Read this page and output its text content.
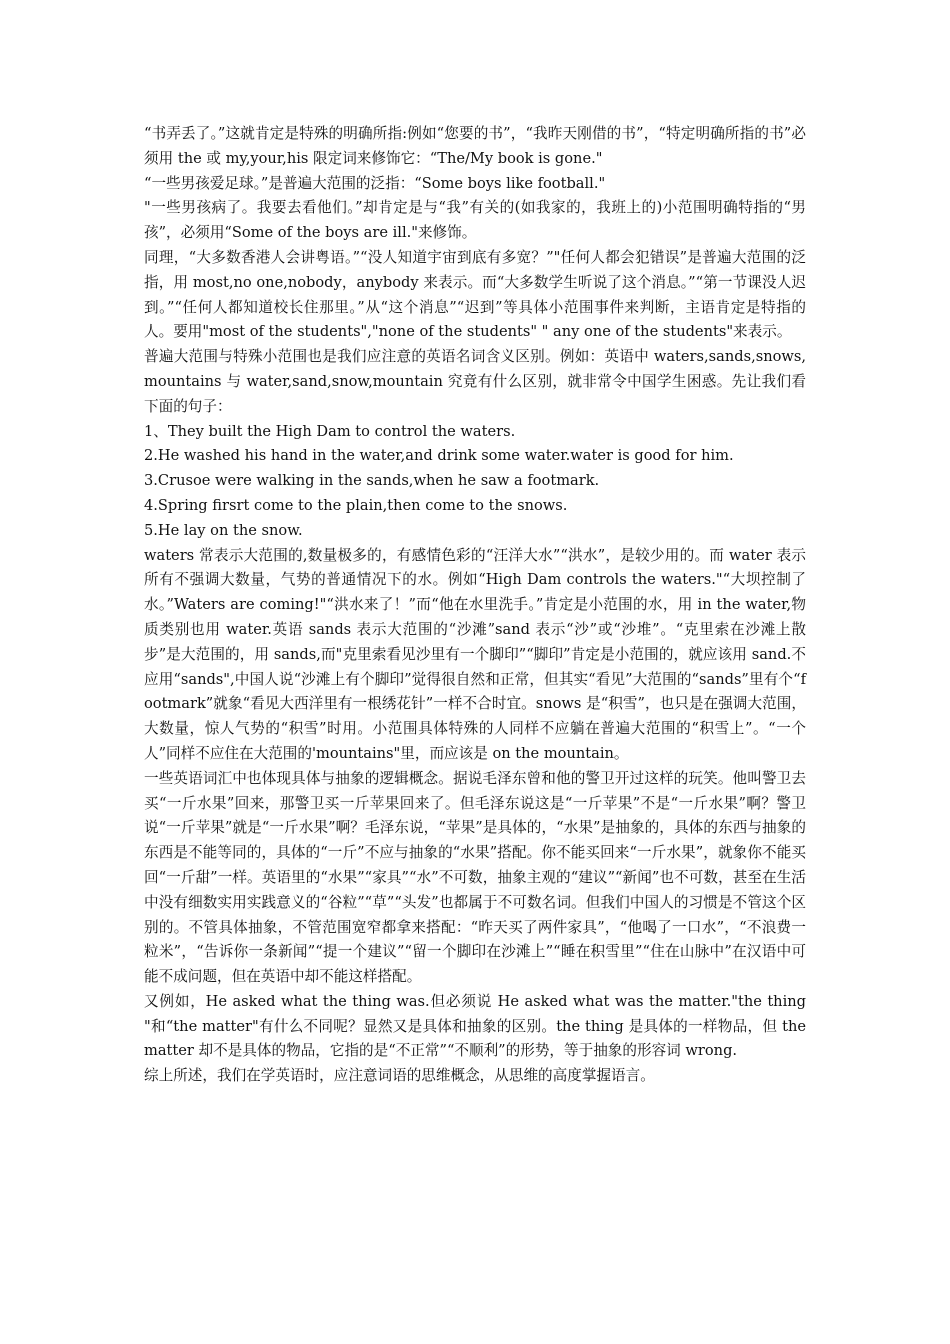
“书弄丢了。”这就肯定是特殊的明确所指:例如“您要的书”，“我昨天刚借的书”，“特定明确所指的书”必须用 the 或 my,your,his 限定词来修饰它：“The/My book is gone."

“一些男孩爱足球。”是普遍大范围的泛指：“Some boys like football."

"一些男孩病了。我要去看他们。”却肯定是与“我”有关的(如我家的，我班上的)小范围明确特指的“男孩”，必须用“Some of the boys are ill."来修饰。

同理，“大多数香港人会讲粤语。”“没人知道宇宙到底有多宽？”"任何人都会犯错误”是普遍大范围的泛指，用 most,no one,nobody，anybody 来表示。而“大多数学生听说了这个消息。”“第一节课没人迟到。”“任何人都知道校长住那里。”从“这个消息”“迟到”等具体小范围事件来判断，主语肯定是特指的人。要用"most of the students","none of the students" " any one of the students"来表示。

普遍大范围与特殊小范围也是我们应注意的英语名词含义区别。例如：英语中 waters,sands,snows,mountains 与 water,sand,snow,mountain 究竟有什么区别，就非常令中国学生困惑。先让我们看下面的句子：

1、They built the High Dam to control the waters.

2.He washed his hand in the water,and drink some water.water is good for him.

3.Crusoe were walking in the sands,when he saw a footmark.

4.Spring firsrt come to the plain,then come to the snows.

5.He lay on the snow.

waters 常表示大范围的,数量极多的，有感情色彩的“汪洋大水”“洪水”，是较少用的。而 water 表示所有不强调大数量，气势的普通情况下的水。例如“High Dam controls the waters."“大坝控制了水。”Waters are coming!"“洪水来了！”而“他在水里洗手。”肯定是小范围的水，用 in the water,物质类别也用 water.英语 sands 表示大范围的“沙滩”sand 表示“沙”或“沙堆”。“克里索在沙滩上散步”是大范围的，用 sands,而"克里索看见沙里有一个脚印”“脚印”肯定是小范围的，就应该用 sand.不应用“sands",中国人说“沙滩上有个脚印”觉得很自然和正常，但其实“看见”大范围的“sands”里有个“footmark”就象“看见大西洋里有一根绣花针”一样不合时宜。snows 是“积雪”，也只是在强调大范围，大数量，惊人气势的“积雪”时用。小范围具体特殊的人同样不应躺在普遍大范围的“积雪上”。“一个人”同样不应住在大范围的'mountains"里，而应该是 on the mountain。

一些英语词汇中也体现具体与抽象的逻辑概念。据说毛泽东曾和他的警卫开过这样的玩笑。他叫警卫去买“一斤水果”回来，那警卫买一斤苹果回来了。但毛泽东说这是“一斤苹果”不是“一斤水果”啊？警卫说“一斤苹果”就是“一斤水果”啊？毛泽东说，“苹果”是具体的，“水果”是抽象的，具体的东西与抽象的东西是不能等同的，具体的“一斤”不应与抽象的“水果”搭配。你不能买回来“一斤水果”，就象你不能买回“一斤甜”一样。英语里的“水果”“家具”“水”不可数，抽象主观的“建议”“新闻”也不可数，甚至在生活中没有细数实用实践意义的“谷粒”“草”“头发”也都属于不可数名词。但我们中国人的习惯是不管这个区别的。不管具体抽象，不管范围宽窄都拿来搭配：“昨天买了两件家具”，“他喝了一口水”，“不浪费一粒米”，“告诉你一条新闻”“提一个建议”“留一个脚印在沙滩上”“睡在积雪里”“住在山脉中”在汉语中可能不成问题，但在英语中却不能这样搭配。

又例如，He asked what the thing was.但必须说 He asked what was the matter."the thing "和“the matter"有什么不同呢？显然又是具体和抽象的区别。the thing 是具体的一样物品，但 the matter 却不是具体的物品，它指的是“不正常”“不顺利”的形势，等于抽象的形容词 wrong.

综上所述，我们在学英语时，应注意词语的思维概念，从思维的高度掌握语言。
